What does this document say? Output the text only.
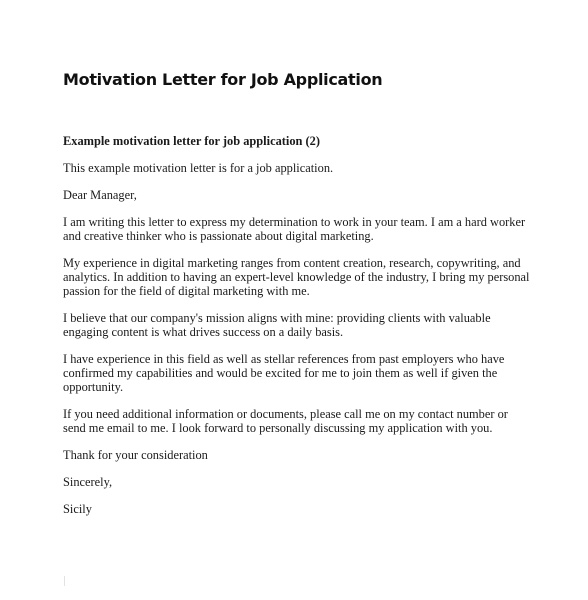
Motivation Letter for Job Application

Example motivation letter for job application (2)

This example motivation letter is for a job application.

Dear Manager,

I am writing this letter to express my determination to work in your team. I am a hard worker and creative thinker who is passionate about digital marketing.

My experience in digital marketing ranges from content creation, research, copywriting, and analytics. In addition to having an expert-level knowledge of the industry, I bring my personal passion for the field of digital marketing with me.

I believe that our company's mission aligns with mine: providing clients with valuable engaging content is what drives success on a daily basis.

I have experience in this field as well as stellar references from past employers who have confirmed my capabilities and would be excited for me to join them as well if given the opportunity.

If you need additional information or documents, please call me on my contact number or send me email to me. I look forward to personally discussing my application with you.

Thank for your consideration

Sincerely,

Sicily
